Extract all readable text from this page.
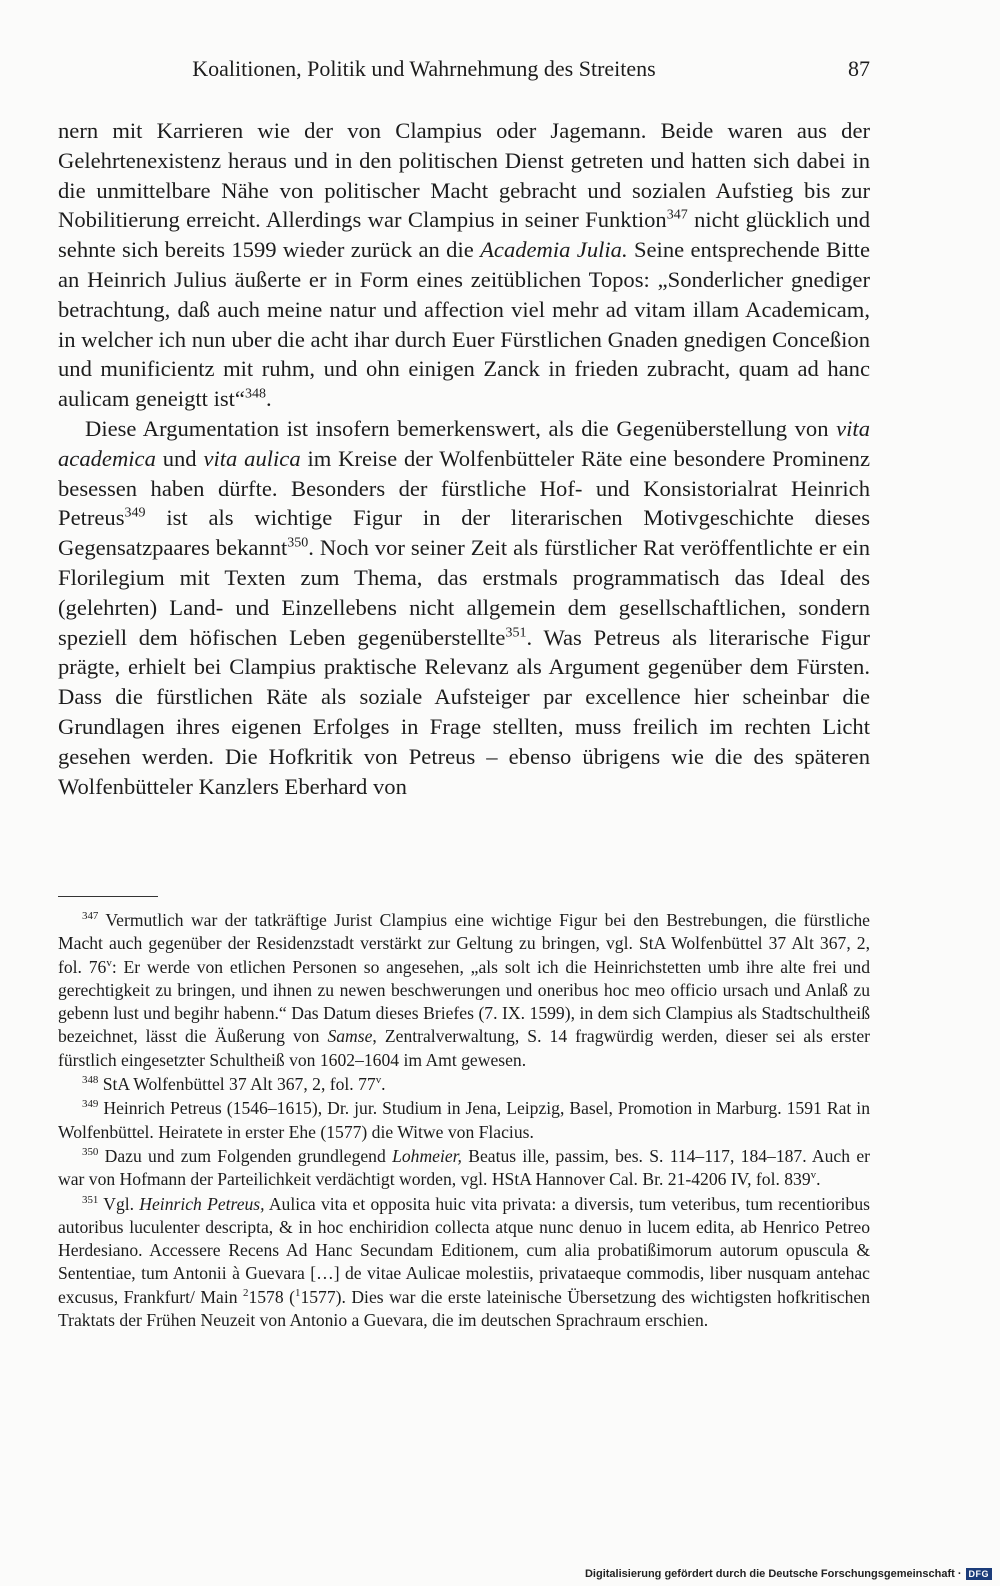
Koalitionen, Politik und Wahrnehmung des Streitens	87

nern mit Karrieren wie der von Clampius oder Jagemann. Beide waren aus der Gelehrtenexistenz heraus und in den politischen Dienst getreten und hatten sich dabei in die unmittelbare Nähe von politischer Macht gebracht und sozialen Aufstieg bis zur Nobilitierung erreicht. Allerdings war Clampius in seiner Funktion$^{347}$ nicht glücklich und sehnte sich bereits 1599 wieder zurück an die Academia Julia. Seine entsprechende Bitte an Heinrich Julius äußerte er in Form eines zeitüblichen Topos: „Sonderlicher gnediger betrachtung, daß auch meine natur und affection viel mehr ad vitam illam Academicam, in welcher ich nun uber die acht ihar durch Euer Fürstlichen Gnaden gnedigen Conceßion und munificientz mit ruhm, und ohn einigen Zanck in frieden zubracht, quam ad hanc aulicam geneigtt ist“$^{348}$.

Diese Argumentation ist insofern bemerkenswert, als die Gegenüberstellung von vita academica und vita aulica im Kreise der Wolfenbütteler Räte eine besondere Prominenz besessen haben dürfte. Besonders der fürstliche Hof- und Konsistorialrat Heinrich Petreus$^{349}$ ist als wichtige Figur in der literarischen Motivgeschichte dieses Gegensatzpaares bekannt$^{350}$. Noch vor seiner Zeit als fürstlicher Rat veröffentlichte er ein Florilegium mit Texten zum Thema, das erstmals programmatisch das Ideal des (gelehrten) Land- und Einzellebens nicht allgemein dem gesellschaftlichen, sondern speziell dem höfischen Leben gegenüberstellte$^{351}$. Was Petreus als literarische Figur prägte, erhielt bei Clampius praktische Relevanz als Argument gegenüber dem Fürsten. Dass die fürstlichen Räte als soziale Aufsteiger par excellence hier scheinbar die Grundlagen ihres eigenen Erfolges in Frage stellten, muss freilich im rechten Licht gesehen werden. Die Hofkritik von Petreus – ebenso übrigens wie die des späteren Wolfenbütteler Kanzlers Eberhard von

$^{347}$ Vermutlich war der tatkräftige Jurist Clampius eine wichtige Figur bei den Bestrebungen, die fürstliche Macht auch gegenüber der Residenzstadt verstärkt zur Geltung zu bringen, vgl. StA Wolfenbüttel 37 Alt 367, 2, fol. 76$^v$: Er werde von etlichen Personen so angesehen, „als solt ich die Heinrichstetten umb ihre alte frei und gerechtigkeit zu bringen, und ihnen zu newen beschwerungen und oneribus hoc meo officio ursach und Anlaß zu gebenn lust und begihr habenn.“ Das Datum dieses Briefes (7. IX. 1599), in dem sich Clampius als Stadtschultheiß bezeichnet, lässt die Äußerung von Samse, Zentralverwaltung, S. 14 fragwürdig werden, dieser sei als erster fürstlich eingesetzter Schultheiß von 1602–1604 im Amt gewesen.

$^{348}$ StA Wolfenbüttel 37 Alt 367, 2, fol. 77$^v$.

$^{349}$ Heinrich Petreus (1546–1615), Dr. jur. Studium in Jena, Leipzig, Basel, Promotion in Marburg. 1591 Rat in Wolfenbüttel. Heiratete in erster Ehe (1577) die Witwe von Flacius.

$^{350}$ Dazu und zum Folgenden grundlegend Lohmeier, Beatus ille, passim, bes. S. 114–117, 184–187. Auch er war von Hofmann der Parteilichkeit verdächtigt worden, vgl. HStA Hannover Cal. Br. 21-4206 IV, fol. 839$^v$.

$^{351}$ Vgl. Heinrich Petreus, Aulica vita et opposita huic vita privata: a diversis, tum veteribus, tum recentioribus autoribus luculenter descripta, & in hoc enchiridion collecta atque nunc denuo in lucem edita, ab Henrico Petreo Herdesiano. Accessere Recens Ad Hanc Secundam Editionem, cum alia probatißimorum autorum opuscula & Sententiae, tum Antonii à Guevara […] de vitae Aulicae molestiis, privataeque commodis, liber nusquam antehac excusus, Frankfurt/ Main $^2$1578 ($^1$1577). Dies war die erste lateinische Übersetzung des wichtigsten hofkritischen Traktats der Frühen Neuzeit von Antonio a Guevara, die im deutschen Sprachraum erschien.

Digitalisierung gefördert durch die Deutsche Forschungsgemeinschaft · DFG
